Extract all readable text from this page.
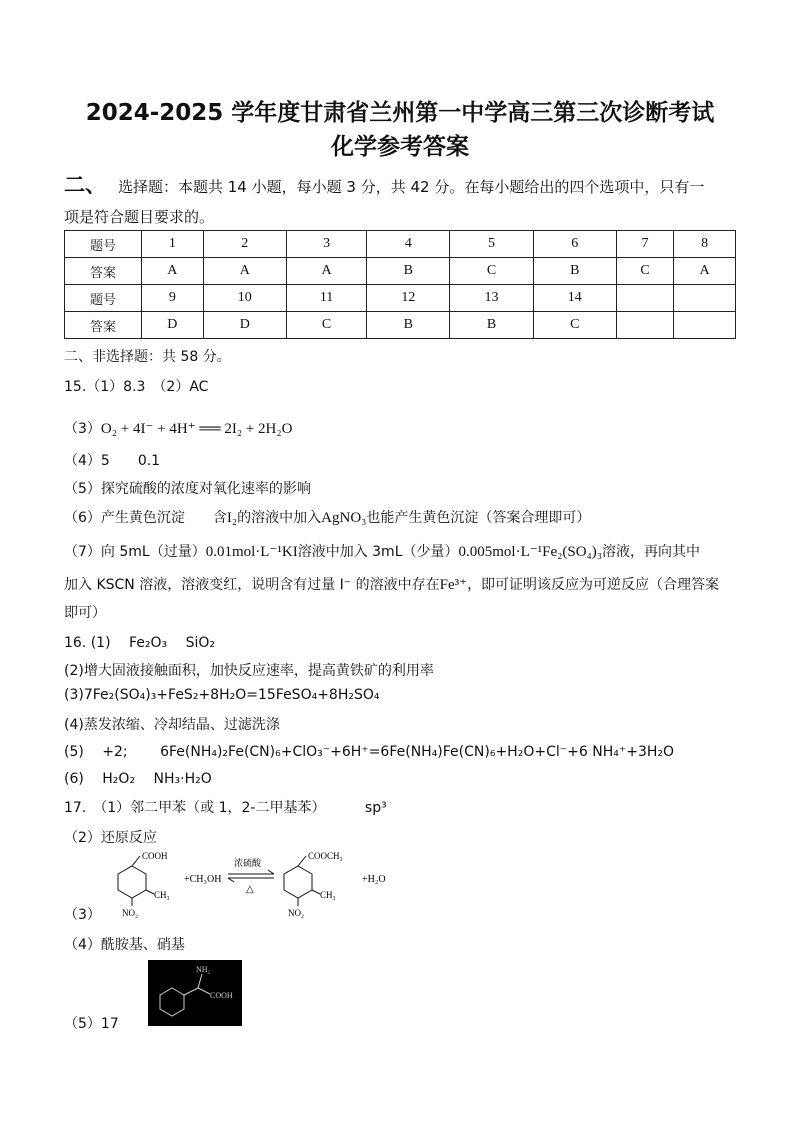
2024-2025 学年度甘肃省兰州第一中学高三第三次诊断考试
化学参考答案
二、 选择题：本题共 14 小题，每小题 3 分，共 42 分。在每小题给出的四个选项中，只有一
项是符合题目要求的。
题号	1	2	3	4	5	6	7	8
答案	A	A	A	B	C	B	C	A
题号	9	10	11	12	13	14		
答案	D	D	C	B	B	C		
二、非选择题：共 58 分。
15.（1）8.3　（2）AC
（3）O₂ + 4I⁻ + 4H⁺ ══ 2I₂ + 2H₂O
（4）5　　0.1
（5）探究硫酸的浓度对氧化速率的影响
（6）产生黄色沉淀　　含I₂的溶液中加入AgNO₃也能产生黄色沉淀（答案合理即可）
（7）向 5mL（过量）0.01mol·L⁻¹KI溶液中加入 3mL（少量）0.005mol·L⁻¹Fe₂(SO₄)₃溶液，再向其中
加入 KSCN 溶液，溶液变红，说明含有过量 I⁻ 的溶液中存在Fe³⁺，即可证明该反应为可逆反应（合理答案
即可）
16. (1)　 Fe₂O₃　 SiO₂
(2)增大固液接触面积，加快反应速率，提高黄铁矿的利用率
(3)7Fe₂(SO₄)₃+FeS₂+8H₂O=15FeSO₄+8H₂SO₄
(4)蒸发浓缩、冷却结晶、过滤洗涤
(5)　 +2;　　 6Fe(NH₄)₂Fe(CN)₆+ClO₃⁻+6H⁺=6Fe(NH₄)Fe(CN)₆+H₂O+Cl⁻+6 NH₄⁺+3H₂O
(6)　 H₂O₂　 NH₃·H₂O
17.　（1）邻二甲苯（或 1，2-二甲基苯）　　　 sp³
（2）还原反应
（3）
COOH
CH₃
NO₂
+CH₃OH
浓硫酸
△
COOCH₃
CH₃
NO₂
+H₂O
（4）酰胺基、硝基
（5）17
NH₂
COOH
